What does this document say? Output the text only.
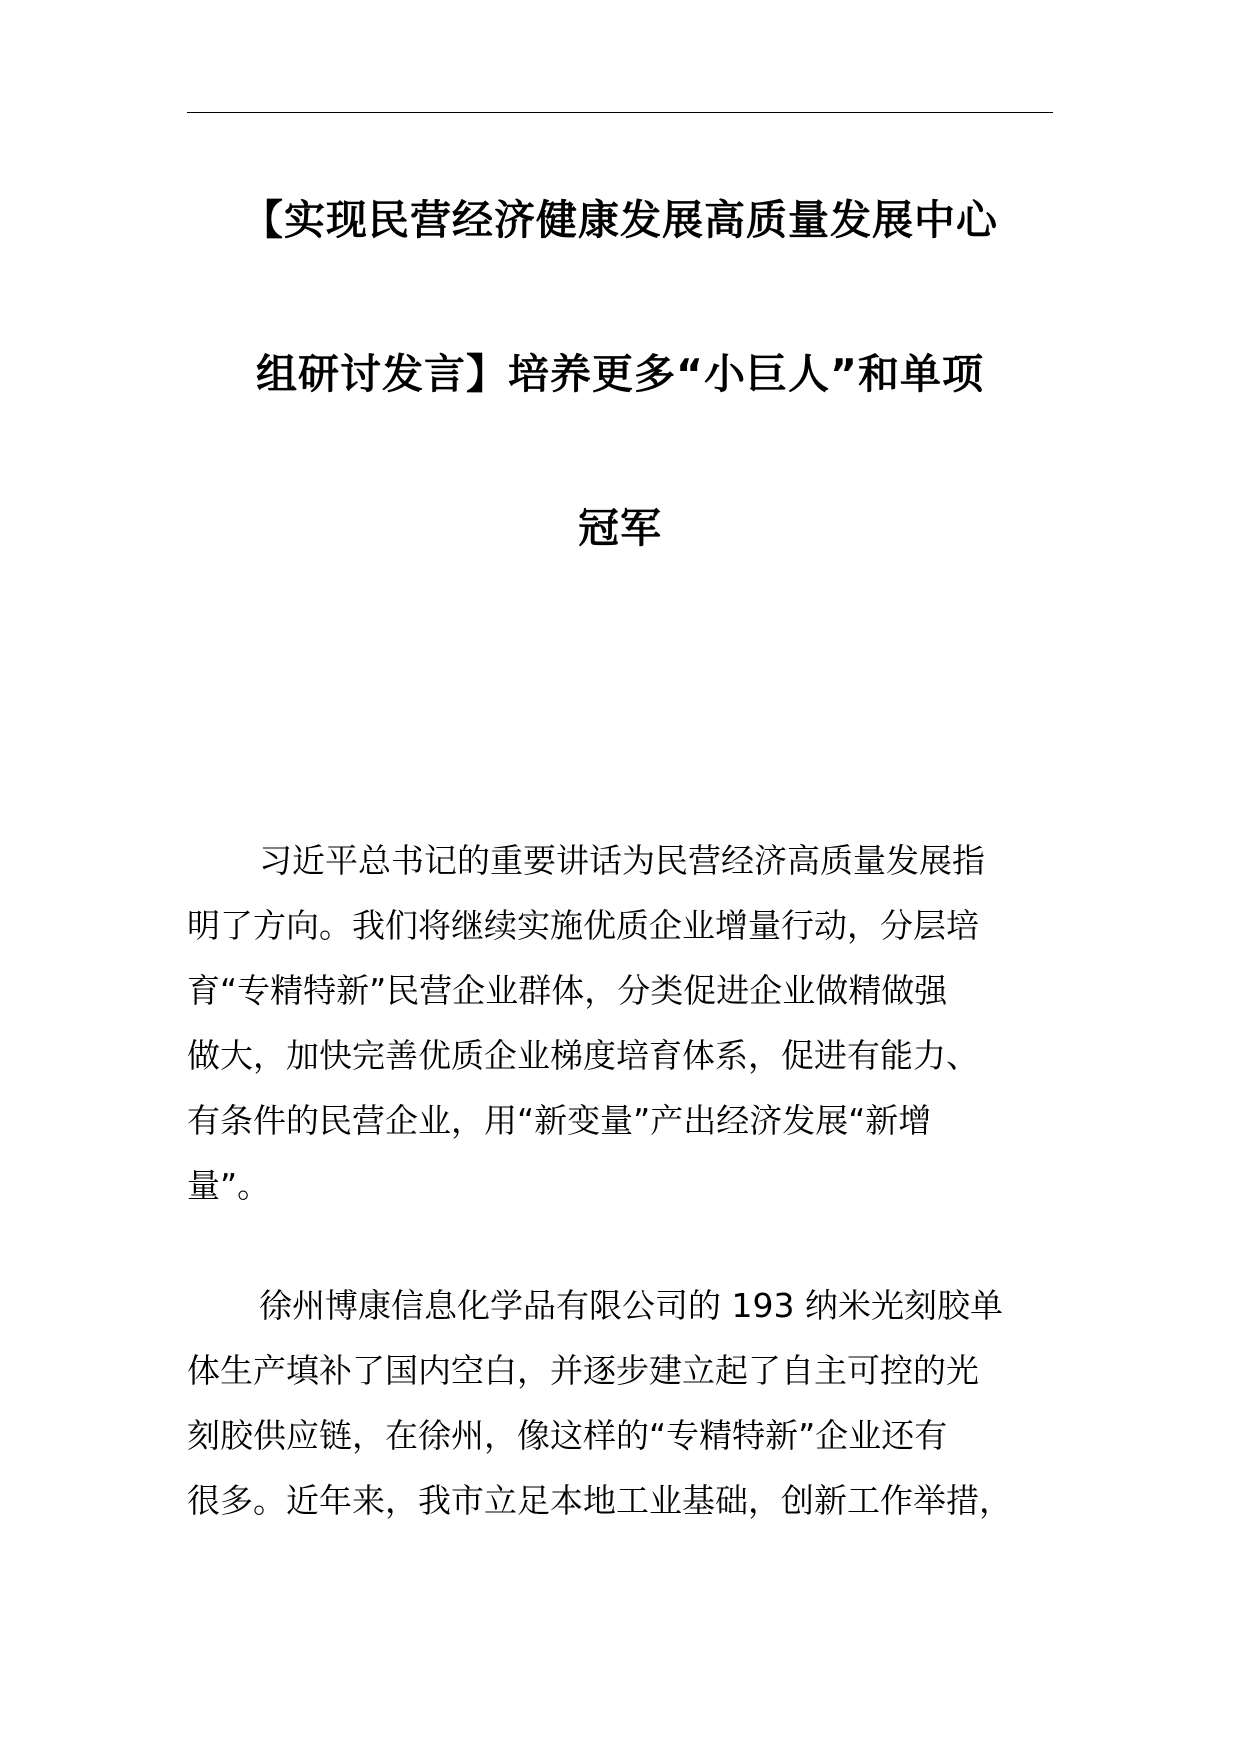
【实现民营经济健康发展高质量发展中心
组研讨发言】培养更多“小巨人”和单项
冠军

习近平总书记的重要讲话为民营经济高质量发展指
明了方向。我们将继续实施优质企业增量行动，分层培
育“专精特新”民营企业群体，分类促进企业做精做强
做大，加快完善优质企业梯度培育体系，促进有能力、
有条件的民营企业，用“新变量”产出经济发展“新增
量”。

徐州博康信息化学品有限公司的 193 纳米光刻胶单
体生产填补了国内空白，并逐步建立起了自主可控的光
刻胶供应链，在徐州，像这样的“专精特新”企业还有
很多。近年来，我市立足本地工业基础，创新工作举措，
